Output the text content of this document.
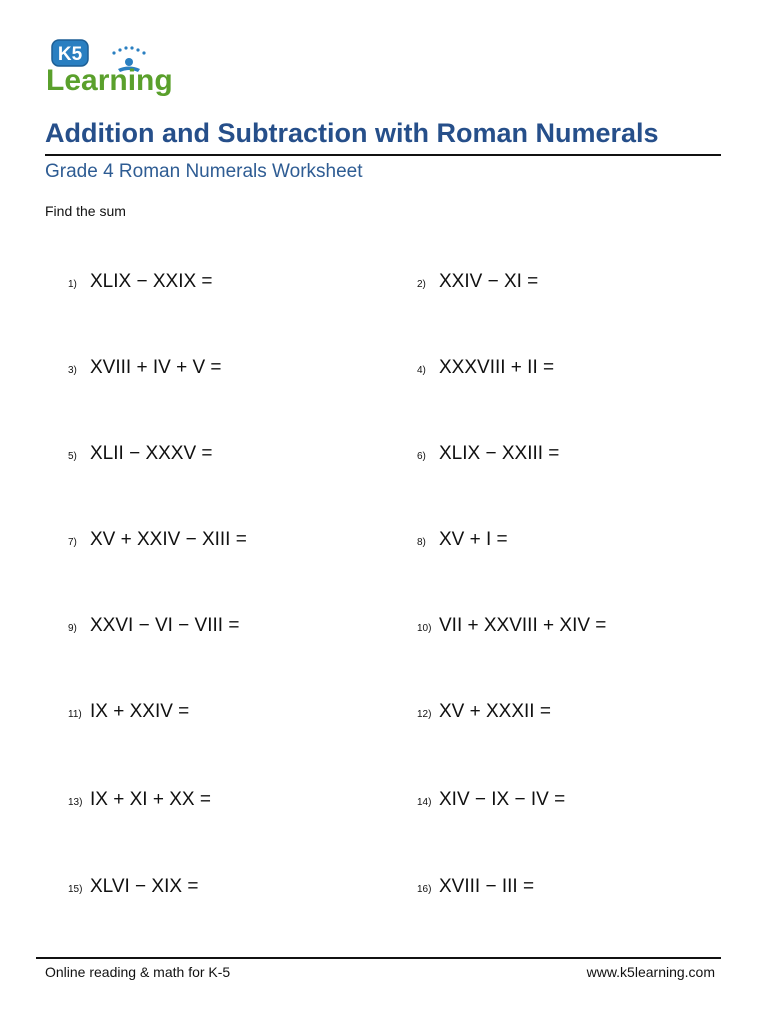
K5
Learning
Addition and Subtraction with Roman Numerals
Grade 4 Roman Numerals Worksheet
Find the sum
1) XLIX − XXIX =	2) XXIV − XI =
3) XVIII + IV + V =	4) XXXVIII + II =
5) XLII − XXXV =	6) XLIX − XXIII =
7) XV + XXIV − XIII =	8) XV + I =
9) XXVI − VI − VIII =	10) VII + XXVIII + XIV =
11) IX + XXIV =	12) XV + XXXII =
13) IX + XI + XX =	14) XIV − IX − IV =
15) XLVI − XIX =	16) XVIII − III =
Online reading & math for K-5	www.k5learning.com
